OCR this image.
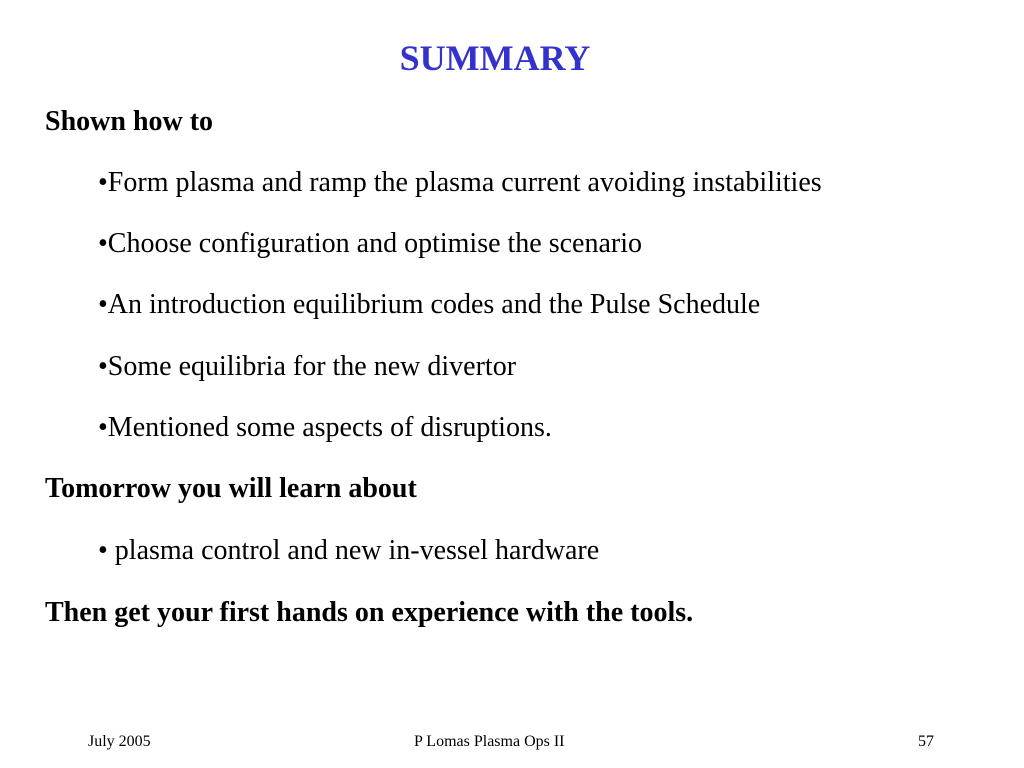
SUMMARY
Shown how to
•Form plasma and ramp the plasma current avoiding instabilities
•Choose configuration and optimise the scenario
•An introduction equilibrium codes and the Pulse Schedule
•Some equilibria for the new divertor
•Mentioned some aspects of disruptions.
Tomorrow you will learn about
• plasma control and new in-vessel hardware
Then get your first hands on experience with the tools.
July 2005	P Lomas Plasma Ops II	57
